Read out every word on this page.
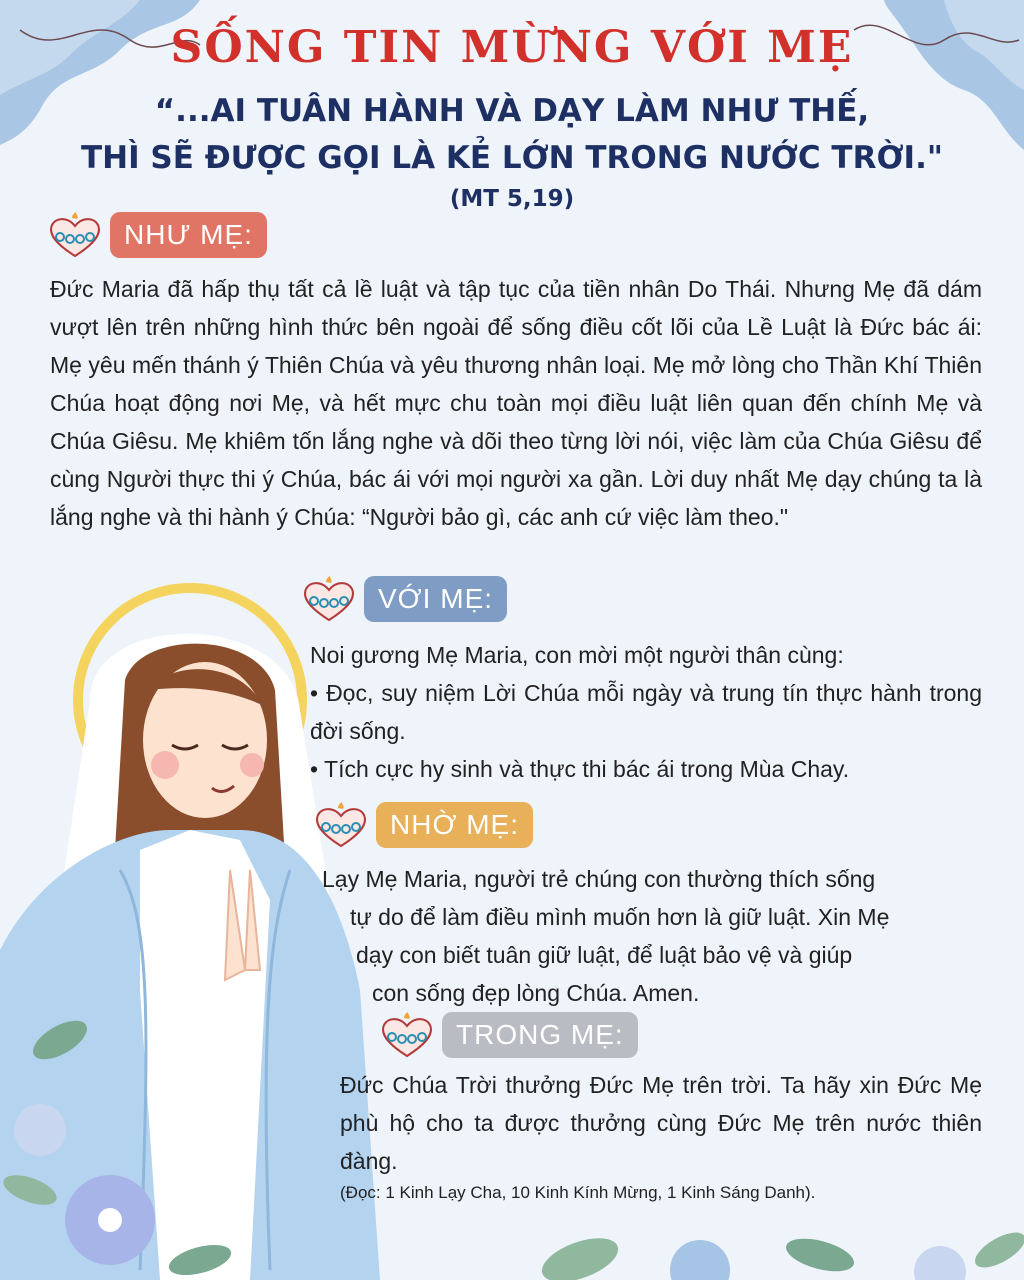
SỐNG TIN MỪNG VỚI MẸ
“...AI TUÂN HÀNH VÀ DẠY LÀM NHƯ THẾ,
THÌ SẼ ĐƯỢC GỌI LÀ KẺ LỚN TRONG NƯỚC TRỜI."
(MT 5,19)
NHƯ MẸ:
Đức Maria đã hấp thụ tất cả lề luật và tập tục của tiền nhân Do Thái. Nhưng Mẹ đã dám vượt lên trên những hình thức bên ngoài để sống điều cốt lõi của Lề Luật là Đức bác ái: Mẹ yêu mến thánh ý Thiên Chúa và yêu thương nhân loại. Mẹ mở lòng cho Thần Khí Thiên Chúa hoạt động nơi Mẹ, và hết mực chu toàn mọi điều luật liên quan đến chính Mẹ và Chúa Giêsu. Mẹ khiêm tốn lắng nghe và dõi theo từng lời nói, việc làm của Chúa Giêsu để cùng Người thực thi ý Chúa, bác ái với mọi người xa gần. Lời duy nhất Mẹ dạy chúng ta là lắng nghe và thi hành ý Chúa: “Người bảo gì, các anh cứ việc làm theo."
VỚI MẸ:
Noi gương Mẹ Maria, con mời một người thân cùng:
• Đọc, suy niệm Lời Chúa mỗi ngày và trung tín thực hành trong đời sống.
• Tích cực hy sinh và thực thi bác ái trong Mùa Chay.
NHỜ MẸ:
Lạy Mẹ Maria, người trẻ chúng con thường thích sống
tự do để làm điều mình muốn hơn là giữ luật. Xin Mẹ
dạy con biết tuân giữ luật, để luật bảo vệ và giúp
con sống đẹp lòng Chúa. Amen.
TRONG MẸ:
Đức Chúa Trời thưởng Đức Mẹ trên trời. Ta hãy xin Đức Mẹ phù hộ cho ta được thưởng cùng Đức Mẹ trên nước thiên đàng.
(Đọc: 1 Kinh Lạy Cha, 10 Kinh Kính Mừng, 1 Kinh Sáng Danh).
